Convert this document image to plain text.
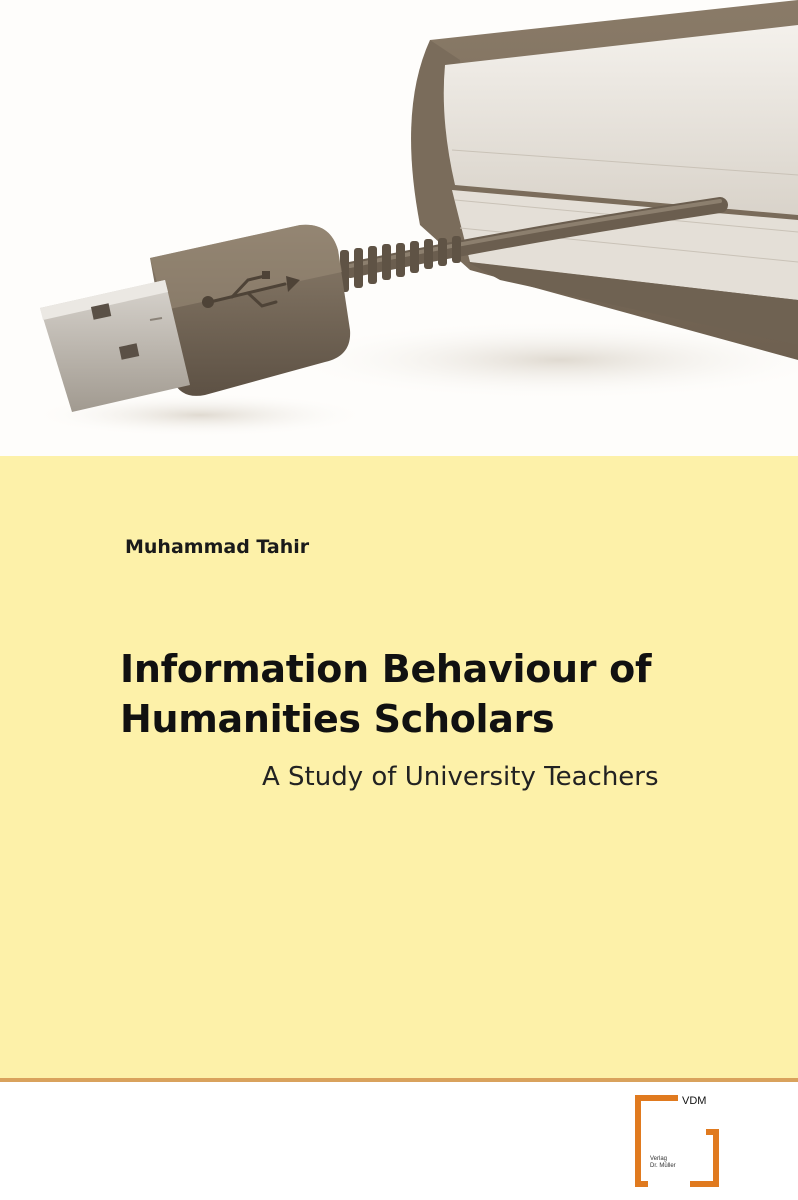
Muhammad Tahir
Information Behaviour of
Humanities Scholars
A Study of University Teachers
VDM
Verlag
Dr. Müller
